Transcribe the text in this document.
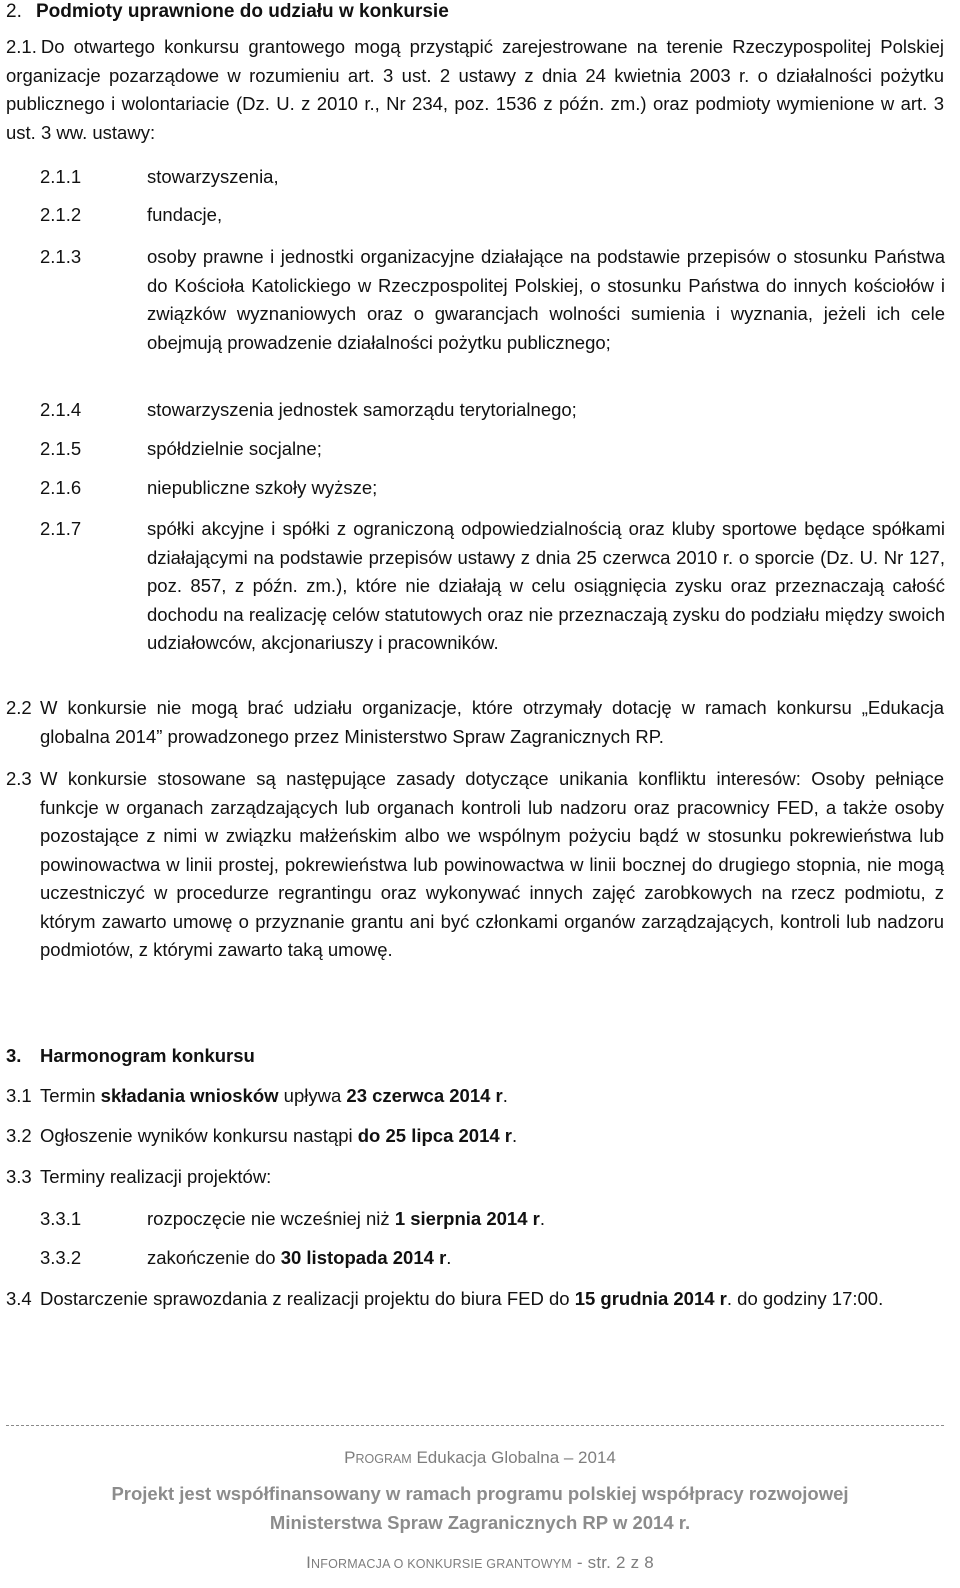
2. Podmioty uprawnione do udziału w konkursie
2.1. Do otwartego konkursu grantowego mogą przystąpić zarejestrowane na terenie Rzeczypospolitej Polskiej organizacje pozarządowe w rozumieniu art. 3 ust. 2 ustawy z dnia 24 kwietnia 2003 r. o działalności pożytku publicznego i wolontariacie (Dz. U. z 2010 r., Nr 234, poz. 1536 z późn. zm.) oraz podmioty wymienione w art. 3 ust. 3 ww. ustawy:
2.1.1	stowarzyszenia,
2.1.2	fundacje,
2.1.3	osoby prawne i jednostki organizacyjne działające na podstawie przepisów o stosunku Państwa do Kościoła Katolickiego w Rzeczpospolitej Polskiej, o stosunku Państwa do innych kościołów i związków wyznaniowych oraz o gwarancjach wolności sumienia i wyznania, jeżeli ich cele obejmują prowadzenie działalności pożytku publicznego;
2.1.4	stowarzyszenia jednostek samorządu terytorialnego;
2.1.5	spółdzielnie socjalne;
2.1.6	niepubliczne szkoły wyższe;
2.1.7	spółki akcyjne i spółki z ograniczoną odpowiedzialnością oraz kluby sportowe będące spółkami działającymi na podstawie przepisów ustawy z dnia 25 czerwca 2010 r. o sporcie (Dz. U. Nr 127, poz. 857, z późn. zm.), które nie działają w celu osiągnięcia zysku oraz przeznaczają całość dochodu na realizację celów statutowych oraz nie przeznaczają zysku do podziału między swoich udziałowców, akcjonariuszy i pracowników.
2.2 W konkursie nie mogą brać udziału organizacje, które otrzymały dotację w ramach konkursu „Edukacja globalna 2014” prowadzonego przez Ministerstwo Spraw Zagranicznych RP.
2.3 W konkursie stosowane są następujące zasady dotyczące unikania konfliktu interesów: Osoby pełniące funkcje w organach zarządzających lub organach kontroli lub nadzoru oraz pracownicy FED, a także osoby pozostające z nimi w związku małżeńskim albo we wspólnym pożyciu bądź w stosunku pokrewieństwa lub powinowactwa w linii prostej, pokrewieństwa lub powinowactwa w linii bocznej do drugiego stopnia, nie mogą uczestniczyć w procedurze regrantingu oraz wykonywać innych zajęć zarobkowych na rzecz podmiotu, z którym zawarto umowę o przyznanie grantu ani być członkami organów zarządzających, kontroli lub nadzoru podmiotów, z którymi zawarto taką umowę.
3. Harmonogram konkursu
3.1 Termin składania wniosków upływa 23 czerwca 2014 r.
3.2 Ogłoszenie wyników konkursu nastąpi do 25 lipca 2014 r.
3.3 Terminy realizacji projektów:
3.3.1	rozpoczęcie nie wcześniej niż 1 sierpnia 2014 r.
3.3.2	zakończenie do 30 listopada 2014 r.
3.4 Dostarczenie sprawozdania z realizacji projektu do biura FED do 15 grudnia 2014 r. do godziny 17:00.
PROGRAM Edukacja Globalna – 2014
Projekt jest współfinansowany w ramach programu polskiej współpracy rozwojowej
Ministerstwa Spraw Zagranicznych RP w 2014 r.
INFORMACJA O KONKURSIE GRANTOWYM - str. 2 z 8
